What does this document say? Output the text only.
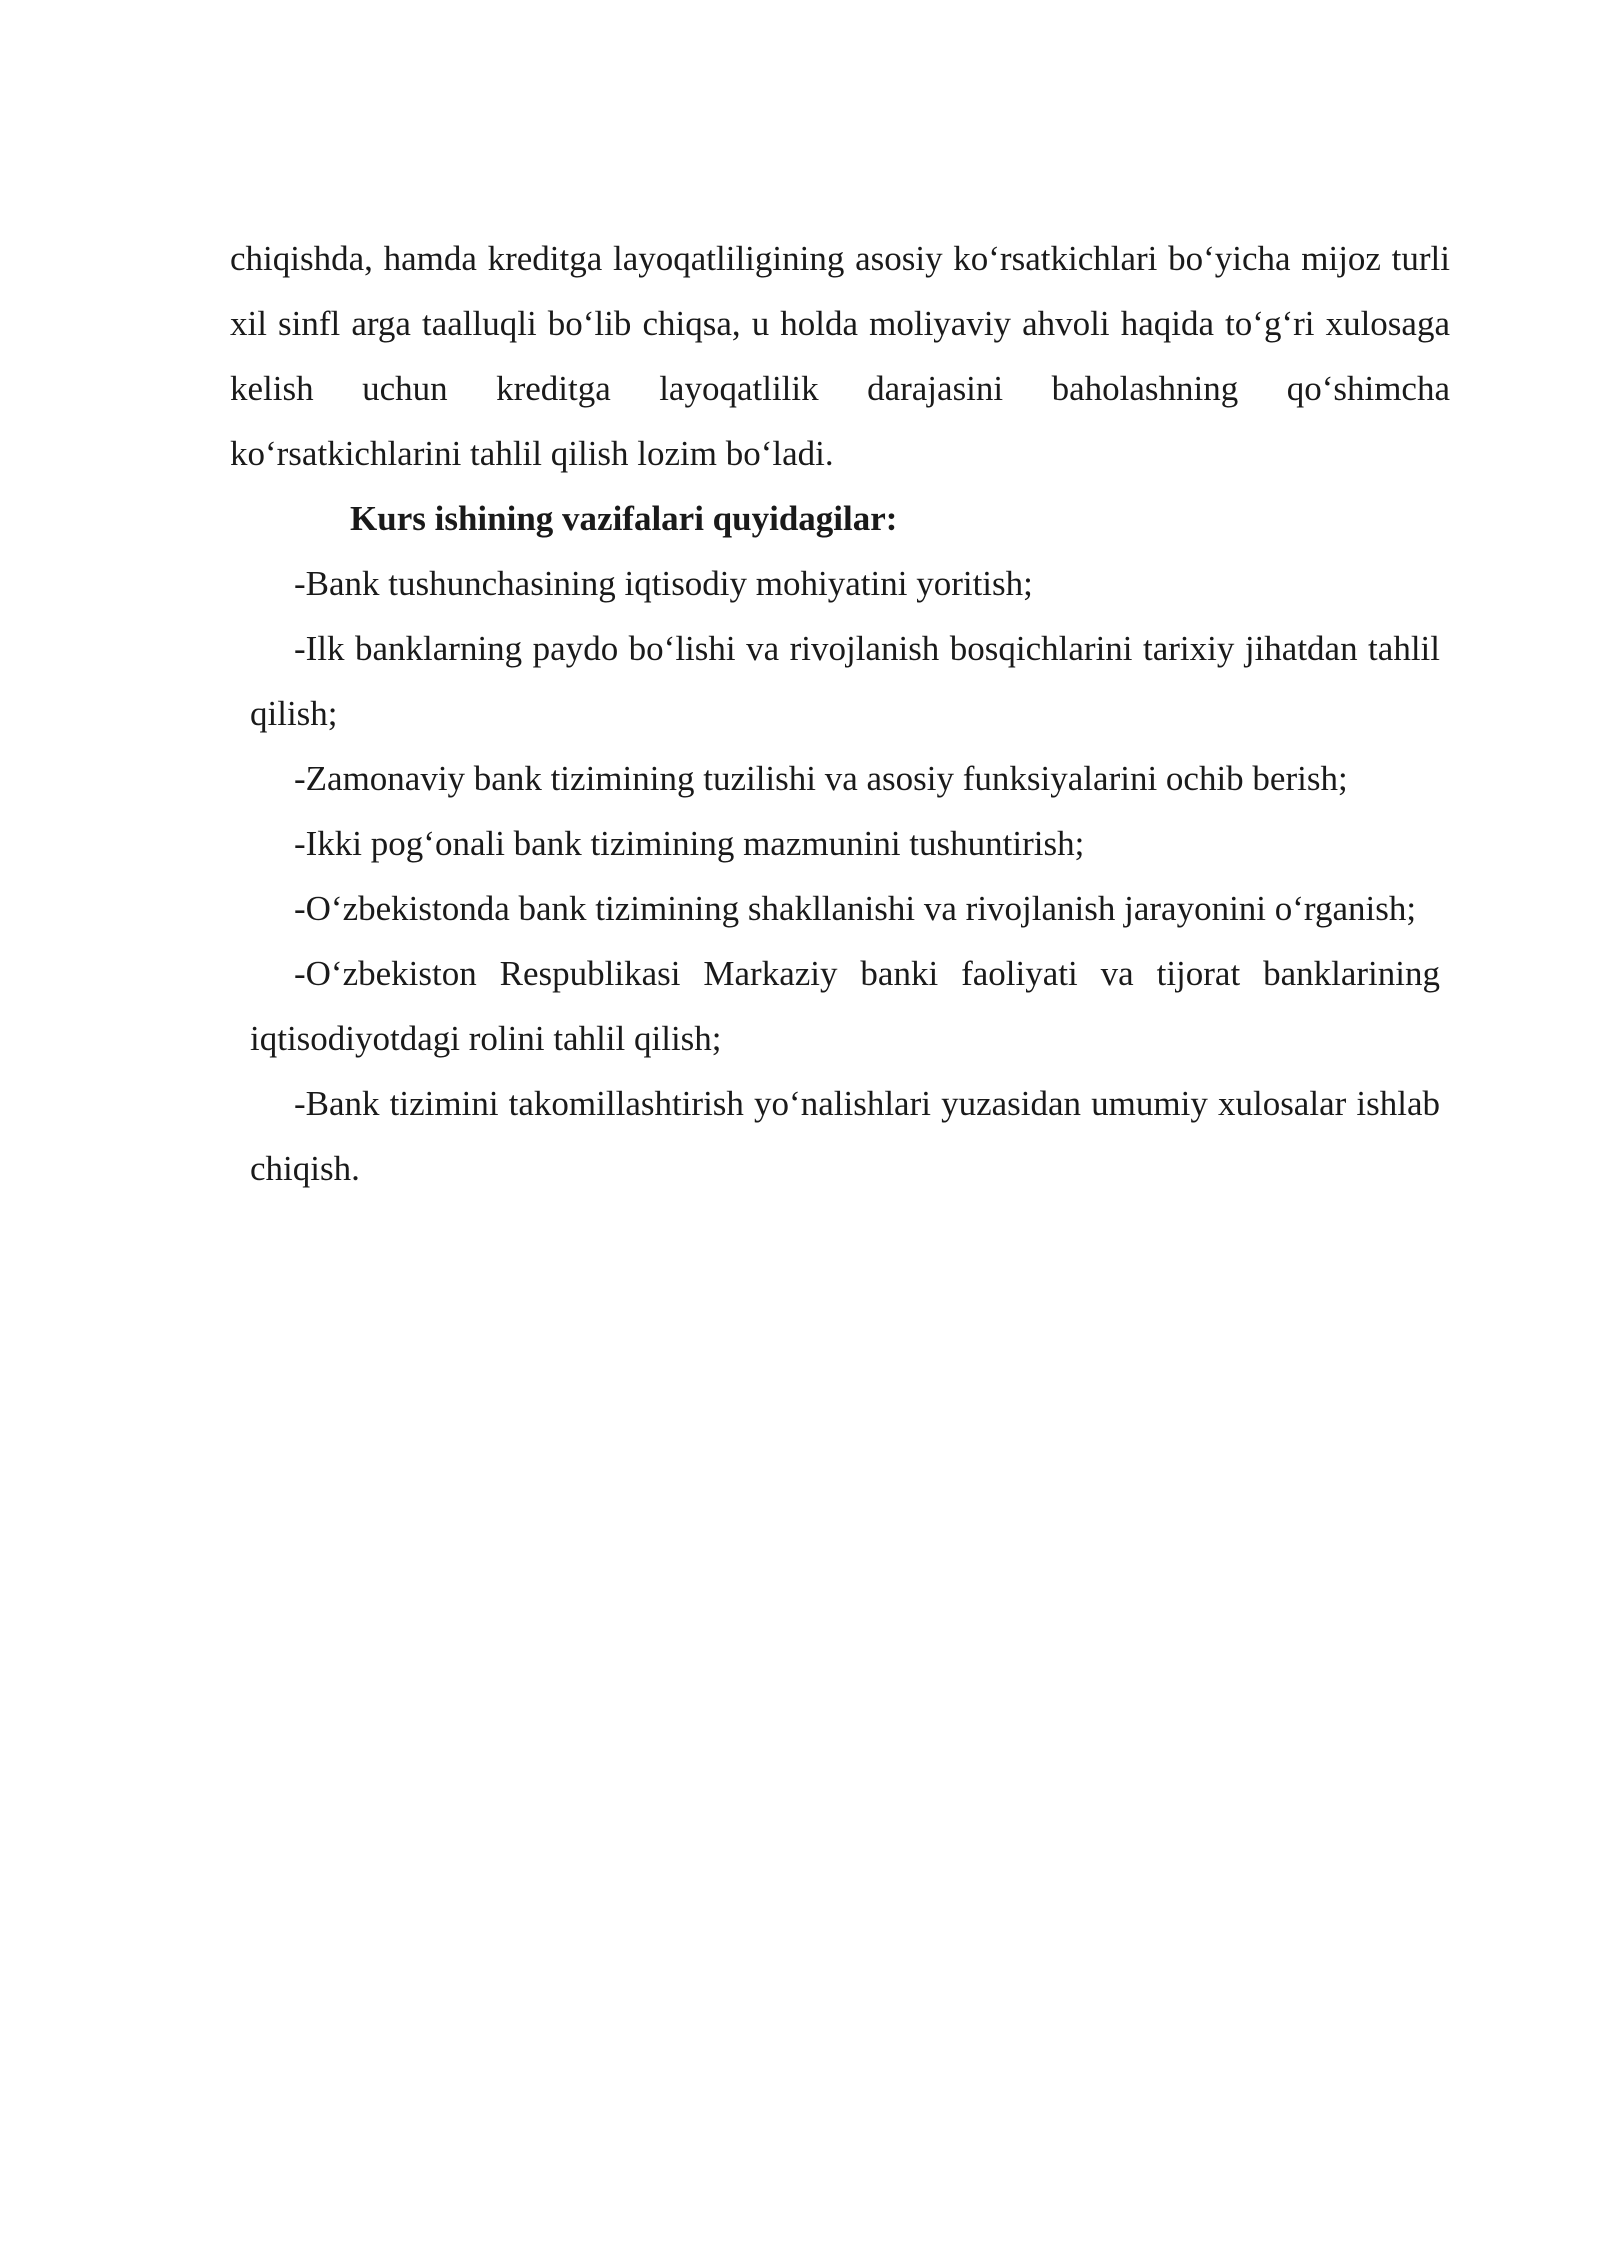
chiqishda, hamda kreditga layoqatliligining asosiy ko‘rsatkichlari bo‘yicha mijoz turli xil sinfl arga taalluqli bo‘lib chiqsa, u holda moliyaviy ahvoli haqida to‘g‘ri xulosaga kelish uchun kreditga layoqatlilik darajasini baholashning qo‘shimcha ko‘rsatkichlarini tahlil qilish lozim bo‘ladi.

Kurs ishining vazifalari quyidagilar:
-Bank tushunchasining iqtisodiy mohiyatini yoritish;
-Ilk banklarning paydo bo‘lishi va rivojlanish bosqichlarini tarixiy jihatdan tahlil qilish;
-Zamonaviy bank tizimining tuzilishi va asosiy funksiyalarini ochib berish;
-Ikki pog‘onali bank tizimining mazmunini tushuntirish;
-O‘zbekistonda bank tizimining shakllanishi va rivojlanish jarayonini o‘rganish;
-O‘zbekiston Respublikasi Markaziy banki faoliyati va tijorat banklarining iqtisodiyotdagi rolini tahlil qilish;
-Bank tizimini takomillashtirish yo‘nalishlari yuzasidan umumiy xulosalar ishlab chiqish.
